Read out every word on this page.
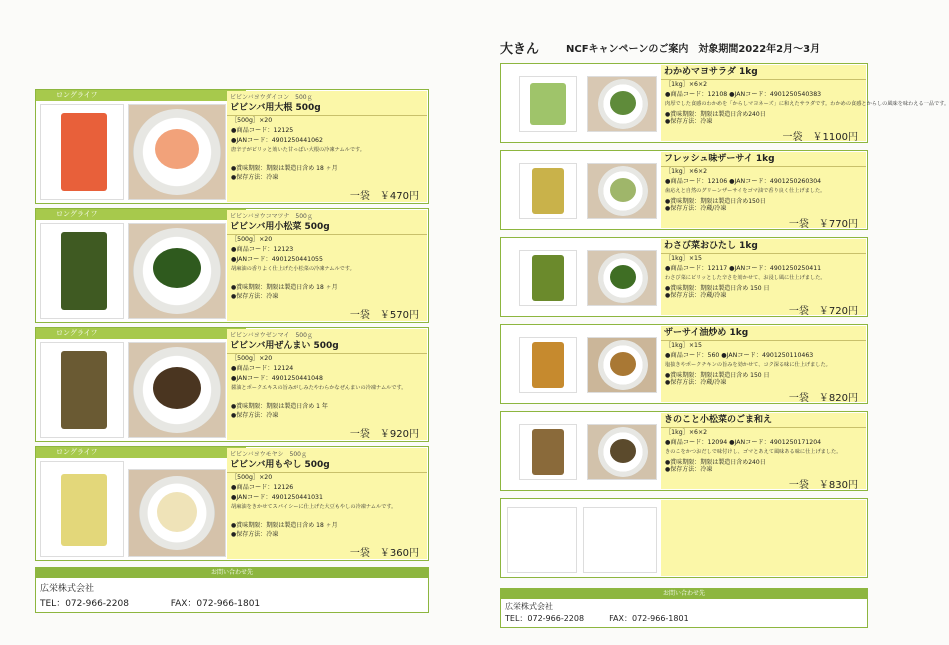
ロングライフ	ビビンバヨウダイコン　500ｇ
ビビンバ用大根 500g
［500g］×20
●商品コード：12125
●JANコード：4901250441062
唐辛子がピリッと効いた甘っぱい大根の冷凍ナムルです。
●賞味期限：期限は製造日含め 18 ヶ月
●保存方法：冷凍
一袋　￥470円
ロングライフ	ビビンバヨウコマツナ　500ｇ
ビビンバ用小松菜 500g
［500g］×20
●商品コード：12123
●JANコード：4901250441055
胡麻油の香りよく仕上げた小松菜の冷凍ナムルです。
●賞味期限：期限は製造日含め 18 ヶ月
●保存方法：冷凍
一袋　￥570円
ロングライフ	ビビンバヨウゼンマイ　500ｇ
ビビンバ用ぜんまい 500g
［500g］×20
●商品コード：12124
●JANコード：4901250441048
醤油とポークエキスの旨みがしみたやわらかなぜんまいの冷凍ナムルです。
●賞味期限：期限は製造日含め 1 年
●保存方法：冷凍
一袋　￥920円
ロングライフ	ビビンバヨウモヤシ　500ｇ
ビビンバ用もやし 500g
［500g］×20
●商品コード：12126
●JANコード：4901250441031
胡麻油をきかせてスパイシーに仕上げた大豆もやしの冷凍ナムルです。
●賞味期限：期限は製造日含め 18 ヶ月
●保存方法：冷凍
一袋　￥360円
お問い合わせ先
広栄株式会社
TEL：072-966-2208	FAX：072-966-1801
大きん	NCFキャンペーンのご案内　対象期間2022年2月～3月
わかめマヨサラダ 1kg
［1kg］×6×2
●商品コード：12108 ●JANコード：4901250540383
肉厚でした食感のわかめを「からしマヨネーズ」に和えたサラダです。わかめの食感とからしの風味を味わえる一品です。
●賞味期限：期限は製造日含め240日
●保存方法：冷凍
一袋　￥1100円
フレッシュ味ザーサイ 1kg
［1kg］×6×2
●商品コード：12106 ●JANコード：4901250260304
歯応えと自然のグリーンザーサイをゴマ油で香り良く仕上げました。
●賞味期限：期限は製造日含め150日
●保存方法：冷蔵/冷凍
一袋　￥770円
わさび菜おひたし 1kg
［1kg］×15
●商品コード：12117 ●JANコード：4901250250411
わさび菜にピリッとした辛さを効かせて、お浸し風に仕上げました。
●賞味期限：期限は製造日含め 150 日
●保存方法：冷蔵/冷凍
一袋　￥720円
ザーサイ油炒め 1kg
［1kg］×15
●商品コード：560 ●JANコード：4901250110463
塩抜きやポークチキンの旨みを効かせて、コク深る味に仕上げました。
●賞味期限：期限は製造日含め 150 日
●保存方法：冷蔵/冷凍
一袋　￥820円
きのこと小松菜のごま和え
［1kg］×6×2
●商品コード：12094 ●JANコード：4901250171204
きのこをかつおだしで味付けし、ゴマとあえて風味ある味に仕上げました。
●賞味期限：期限は製造日含め240日
●保存方法：冷凍
一袋　￥830円
お問い合わせ先
広栄株式会社
TEL：072-966-2208	FAX：072-966-1801
